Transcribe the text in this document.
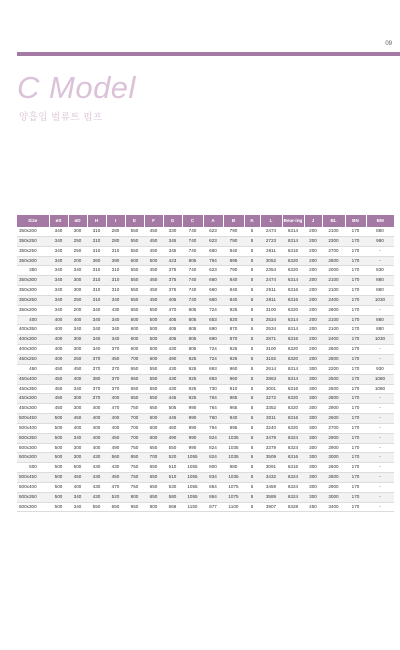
09
C Model
양흡입 벌류트 펌프
Size	øS	øD	H	I	E	F	G	C	A	B	K	L	Bear-ing	J	BL	BN	BM
350x200	340	300	310	280	550	450	330	740	623	790	5	2474	6314	200	2100	170	880
350x250	340	250	310	280	550	450	345	740	623	790	5	2723	6314	200	2300	170	980
350x250	340	250	310	310	550	450	345	740	660	840	5	2811	6316	200	2700	170	-
350x300	340	200	360	390	600	500	423	805	794	895	5	3052	6320	200	2800	170	-
350	340	340	310	310	550	450	375	740	623	790	5	2354	6320	200	2000	170	830
350x300	340	300	310	310	550	450	375	740	660	840	5	2474	6314	200	2100	170	880
350x300	340	300	310	310	550	450	375	740	660	840	5	2511	6316	200	2100	170	880
350x250	340	250	310	340	550	450	405	740	660	840	5	2811	6316	200	2400	170	1030
350x200	340	200	340	430	650	550	470	805	724	925	5	3100	6320	200	2600	170	-
400	400	400	340	340	600	500	405	805	653	820	5	2534	6314	200	2100	170	880
400x350	400	340	340	340	600	500	405	805	690	870	5	2534	6314	200	2100	170	880
400x300	400	300	340	340	600	500	405	805	690	870	5	2871	6316	200	2400	170	1030
400x300	400	300	340	370	600	500	430	805	724	925	5	3100	6320	200	2600	170	-
450x250	400	250	370	450	700	600	490	925	724	925	5	3192	6320	200	2800	170	-
450	450	450	370	370	650	550	430	925	693	960	5	2614	6314	300	2200	170	930
450x400	450	400	380	370	650	550	430	925	693	960	5	2863	6314	300	2500	170	1080
450x350	450	340	370	370	650	550	430	925	730	910	5	3001	6316	300	2500	170	1080
450x300	450	300	370	400	650	550	445	925	764	965	5	3272	6320	300	2800	170	-
450x300	450	300	400	470	750	650	505	990	764	965	5	3352	6320	300	2900	170	-
500x450	500	450	400	400	700	600	445	990	760	940	5	3011	6316	300	2600	170	-
500x400	500	400	400	400	700	600	460	990	794	995	5	3240	6320	300	2700	170	-
500x350	500	340	400	450	700	600	490	990	824	1035	5	3479	6324	300	2900	170	-
500x300	500	300	400	490	750	650	550	990	824	1035	5	3379	6324	300	2900	170	-
500x300	500	300	430	560	850	700	520	1055	824	1035	5	3509	6316	300	3000	170	-
500	500	500	430	430	750	650	510	1055	800	980	5	3091	6316	300	2600	170	-
500x450	500	450	430	450	750	650	510	1055	834	1035	5	3432	6324	300	2800	170	-
500x400	500	400	430	470	750	650	530	1055	864	1075	5	3459	6324	300	2900	170	-
500x350	500	340	430	520	800	650	580	1055	864	1075	5	3589	6324	300	3000	170	-
500x300	500	340	550	650	950	800	668	1150	877	1100	5	3907	6328	450	3400	170	-
